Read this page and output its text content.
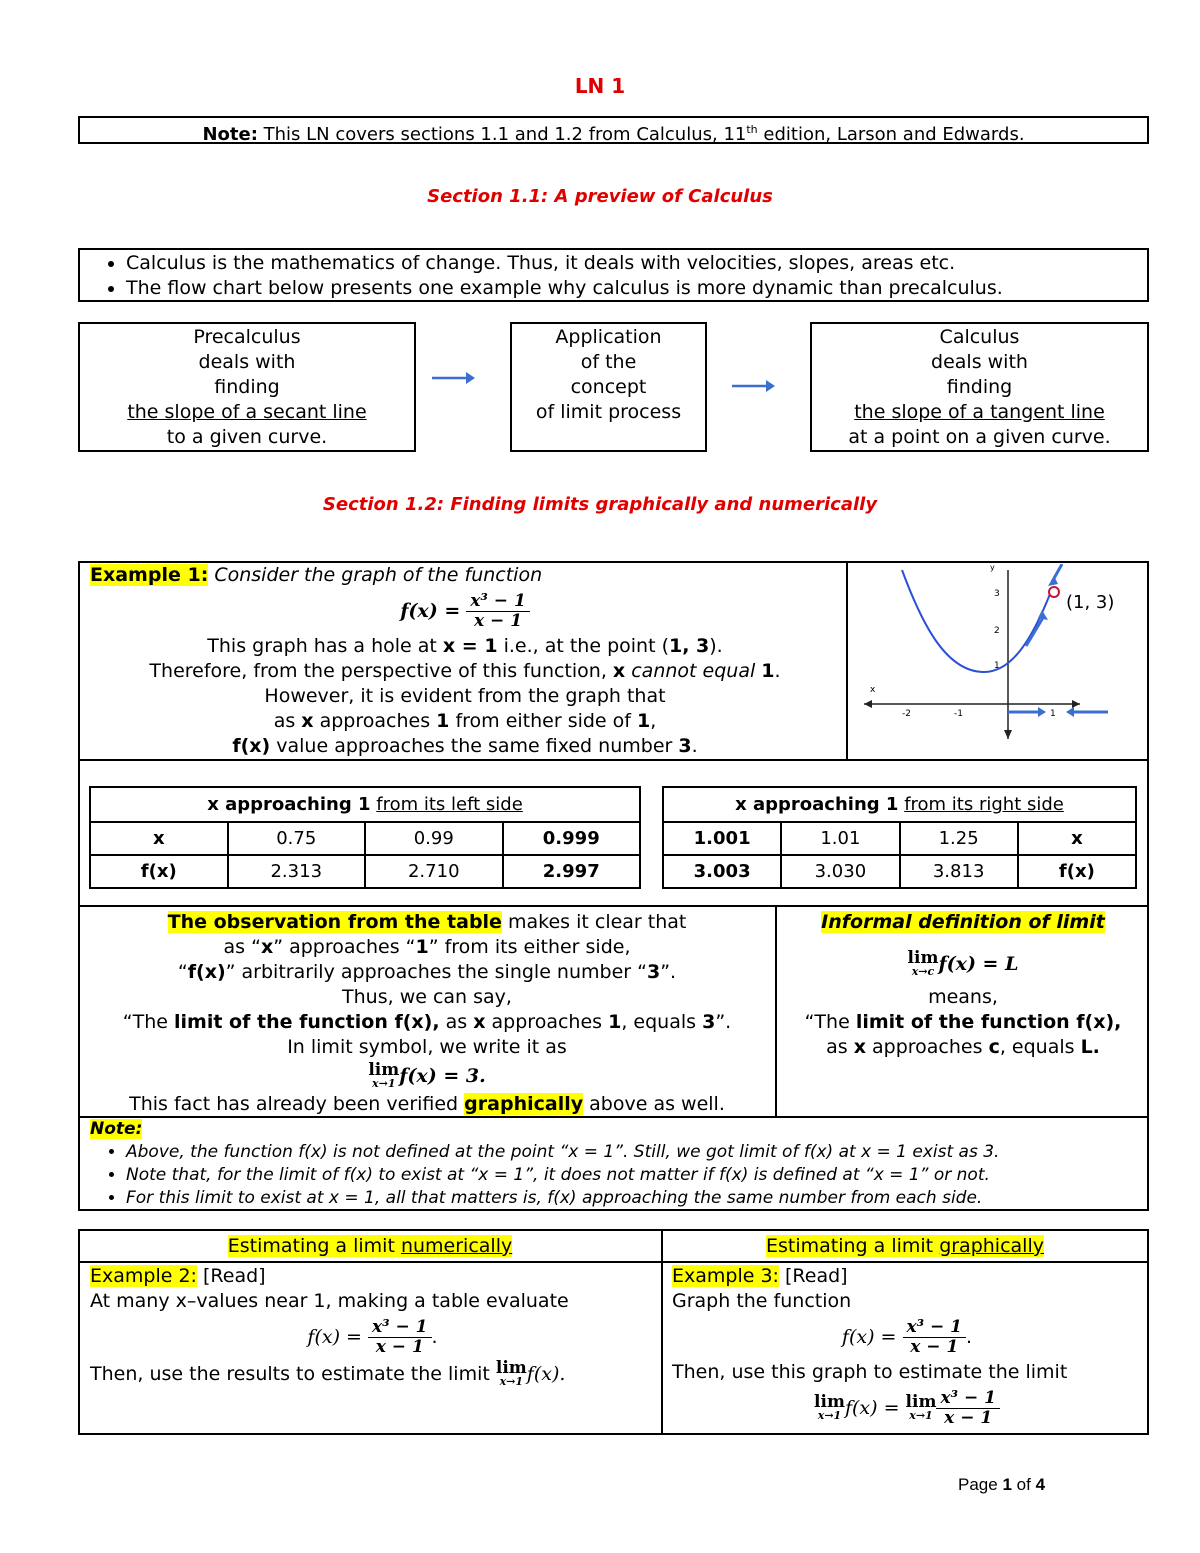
LN 1
Note: This LN covers sections 1.1 and 1.2 from Calculus, 11th edition, Larson and Edwards.
Section 1.1: A preview of Calculus
• Calculus is the mathematics of change. Thus, it deals with velocities, slopes, areas etc.
• The flow chart below presents one example why calculus is more dynamic than precalculus.
Precalculus
deals with
finding
the slope of a secant line
to a given curve.
Application
of the
concept
of limit process
Calculus
deals with
finding
the slope of a tangent line
at a point on a given curve.
Section 1.2: Finding limits graphically and numerically
Example 1: Consider the graph of the function
$f(x) = \frac{\text{x³ − 1}}{x - 1}$
This graph has a hole at x = 1 i.e., at the point (1, 3).
Therefore, from the perspective of this function, x cannot equal 1.
However, it is evident from the graph that
as x approaches 1 from either side of 1,
f(x) value approaches the same fixed number 3.
y
x
3
2
1
-2	-1	1
(1, 3)
x approaching 1 from its left side			
x	0.75	0.99	0.999
f(x)	2.313	2.710	2.997
x approaching 1 from its right side			
1.001	1.01	1.25	x
3.003	3.030	3.813	f(x)
The observation from the table makes it clear that
as “x” approaches “1” from its either side,
“f(x)” arbitrarily approaches the single number “3”.
Thus, we can say,
“The limit of the function f(x), as x approaches 1, equals 3”.
In limit symbol, we write it as
lim
x→1 f(x) = 3.
This fact has already been verified graphically above as well.
Informal definition of limit
lim
x→c f(x) = L
means,
“The limit of the function f(x),
as x approaches c, equals L.
Note:
• Above, the function f(x) is not defined at the point “x = 1”. Still, we got limit of f(x) at x = 1 exist as 3.
• Note that, for the limit of f(x) to exist at “x = 1”, it does not matter if f(x) is defined at “x = 1” or not.
• For this limit to exist at x = 1, all that matters is, f(x) approaching the same number from each side.
Estimating a limit numerically	Estimating a limit graphically
Example 2: [Read]
At many x–values near 1, making a table evaluate
$f(x) = \frac{\text{x³ − 1}}{x - 1}$ .
Then, use the results to estimate the limit lim
x→1 f(x).
Example 3: [Read]
Graph the function
$f(x) = \frac{\text{x³ − 1}}{x - 1}$ .
Then, use this graph to estimate the limit
lim
x→1 f(x) = lim
$x\to 1 \frac{\text{x³ − 1}}{x - 1}$
Page 1 of 4
